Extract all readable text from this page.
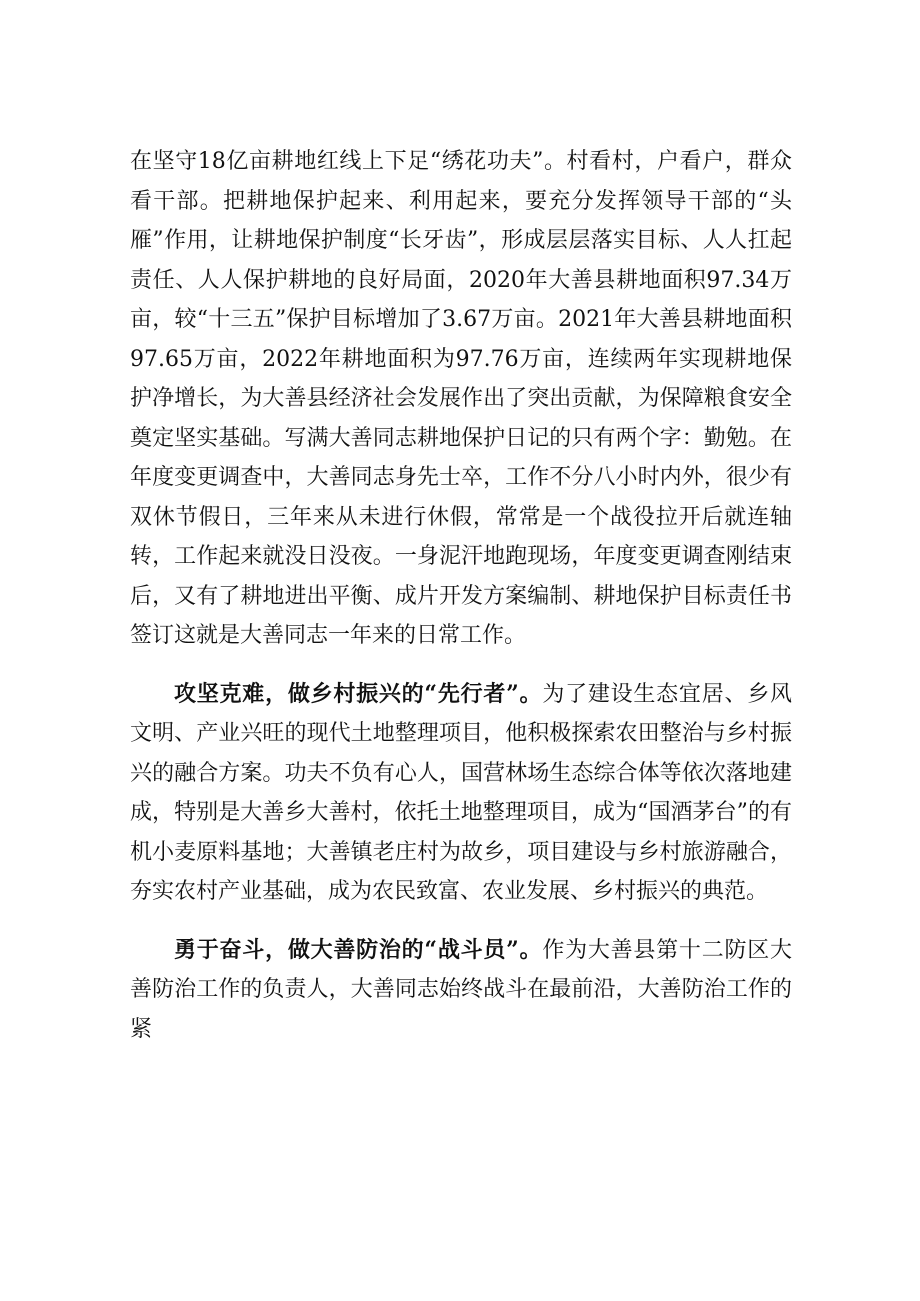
在坚守18亿亩耕地红线上下足“绣花功夫”。村看村，户看户，群众看干部。把耕地保护起来、利用起来，要充分发挥领导干部的“头雁”作用，让耕地保护制度“长牙齿”，形成层层落实目标、人人扛起责任、人人保护耕地的良好局面，2020年大善县耕地面积97.34万亩，较“十三五”保护目标增加了3.67万亩。2021年大善县耕地面积97.65万亩，2022年耕地面积为97.76万亩，连续两年实现耕地保护净增长，为大善县经济社会发展作出了突出贡献，为保障粮食安全奠定坚实基础。写满大善同志耕地保护日记的只有两个字：勤勉。在年度变更调查中，大善同志身先士卒，工作不分八小时内外，很少有双休节假日，三年来从未进行休假，常常是一个战役拉开后就连轴转，工作起来就没日没夜。一身泥汗地跑现场，年度变更调查刚结束后，又有了耕地进出平衡、成片开发方案编制、耕地保护目标责任书签订这就是大善同志一年来的日常工作。

攻坚克难，做乡村振兴的“先行者”。为了建设生态宜居、乡风文明、产业兴旺的现代土地整理项目，他积极探索农田整治与乡村振兴的融合方案。功夫不负有心人，国营林场生态综合体等依次落地建成，特别是大善乡大善村，依托土地整理项目，成为“国酒茅台”的有机小麦原料基地；大善镇老庄村为故乡，项目建设与乡村旅游融合，夯实农村产业基础，成为农民致富、农业发展、乡村振兴的典范。

勇于奋斗，做大善防治的“战斗员”。作为大善县第十二防区大善防治工作的负责人，大善同志始终战斗在最前沿，大善防治工作的紧
